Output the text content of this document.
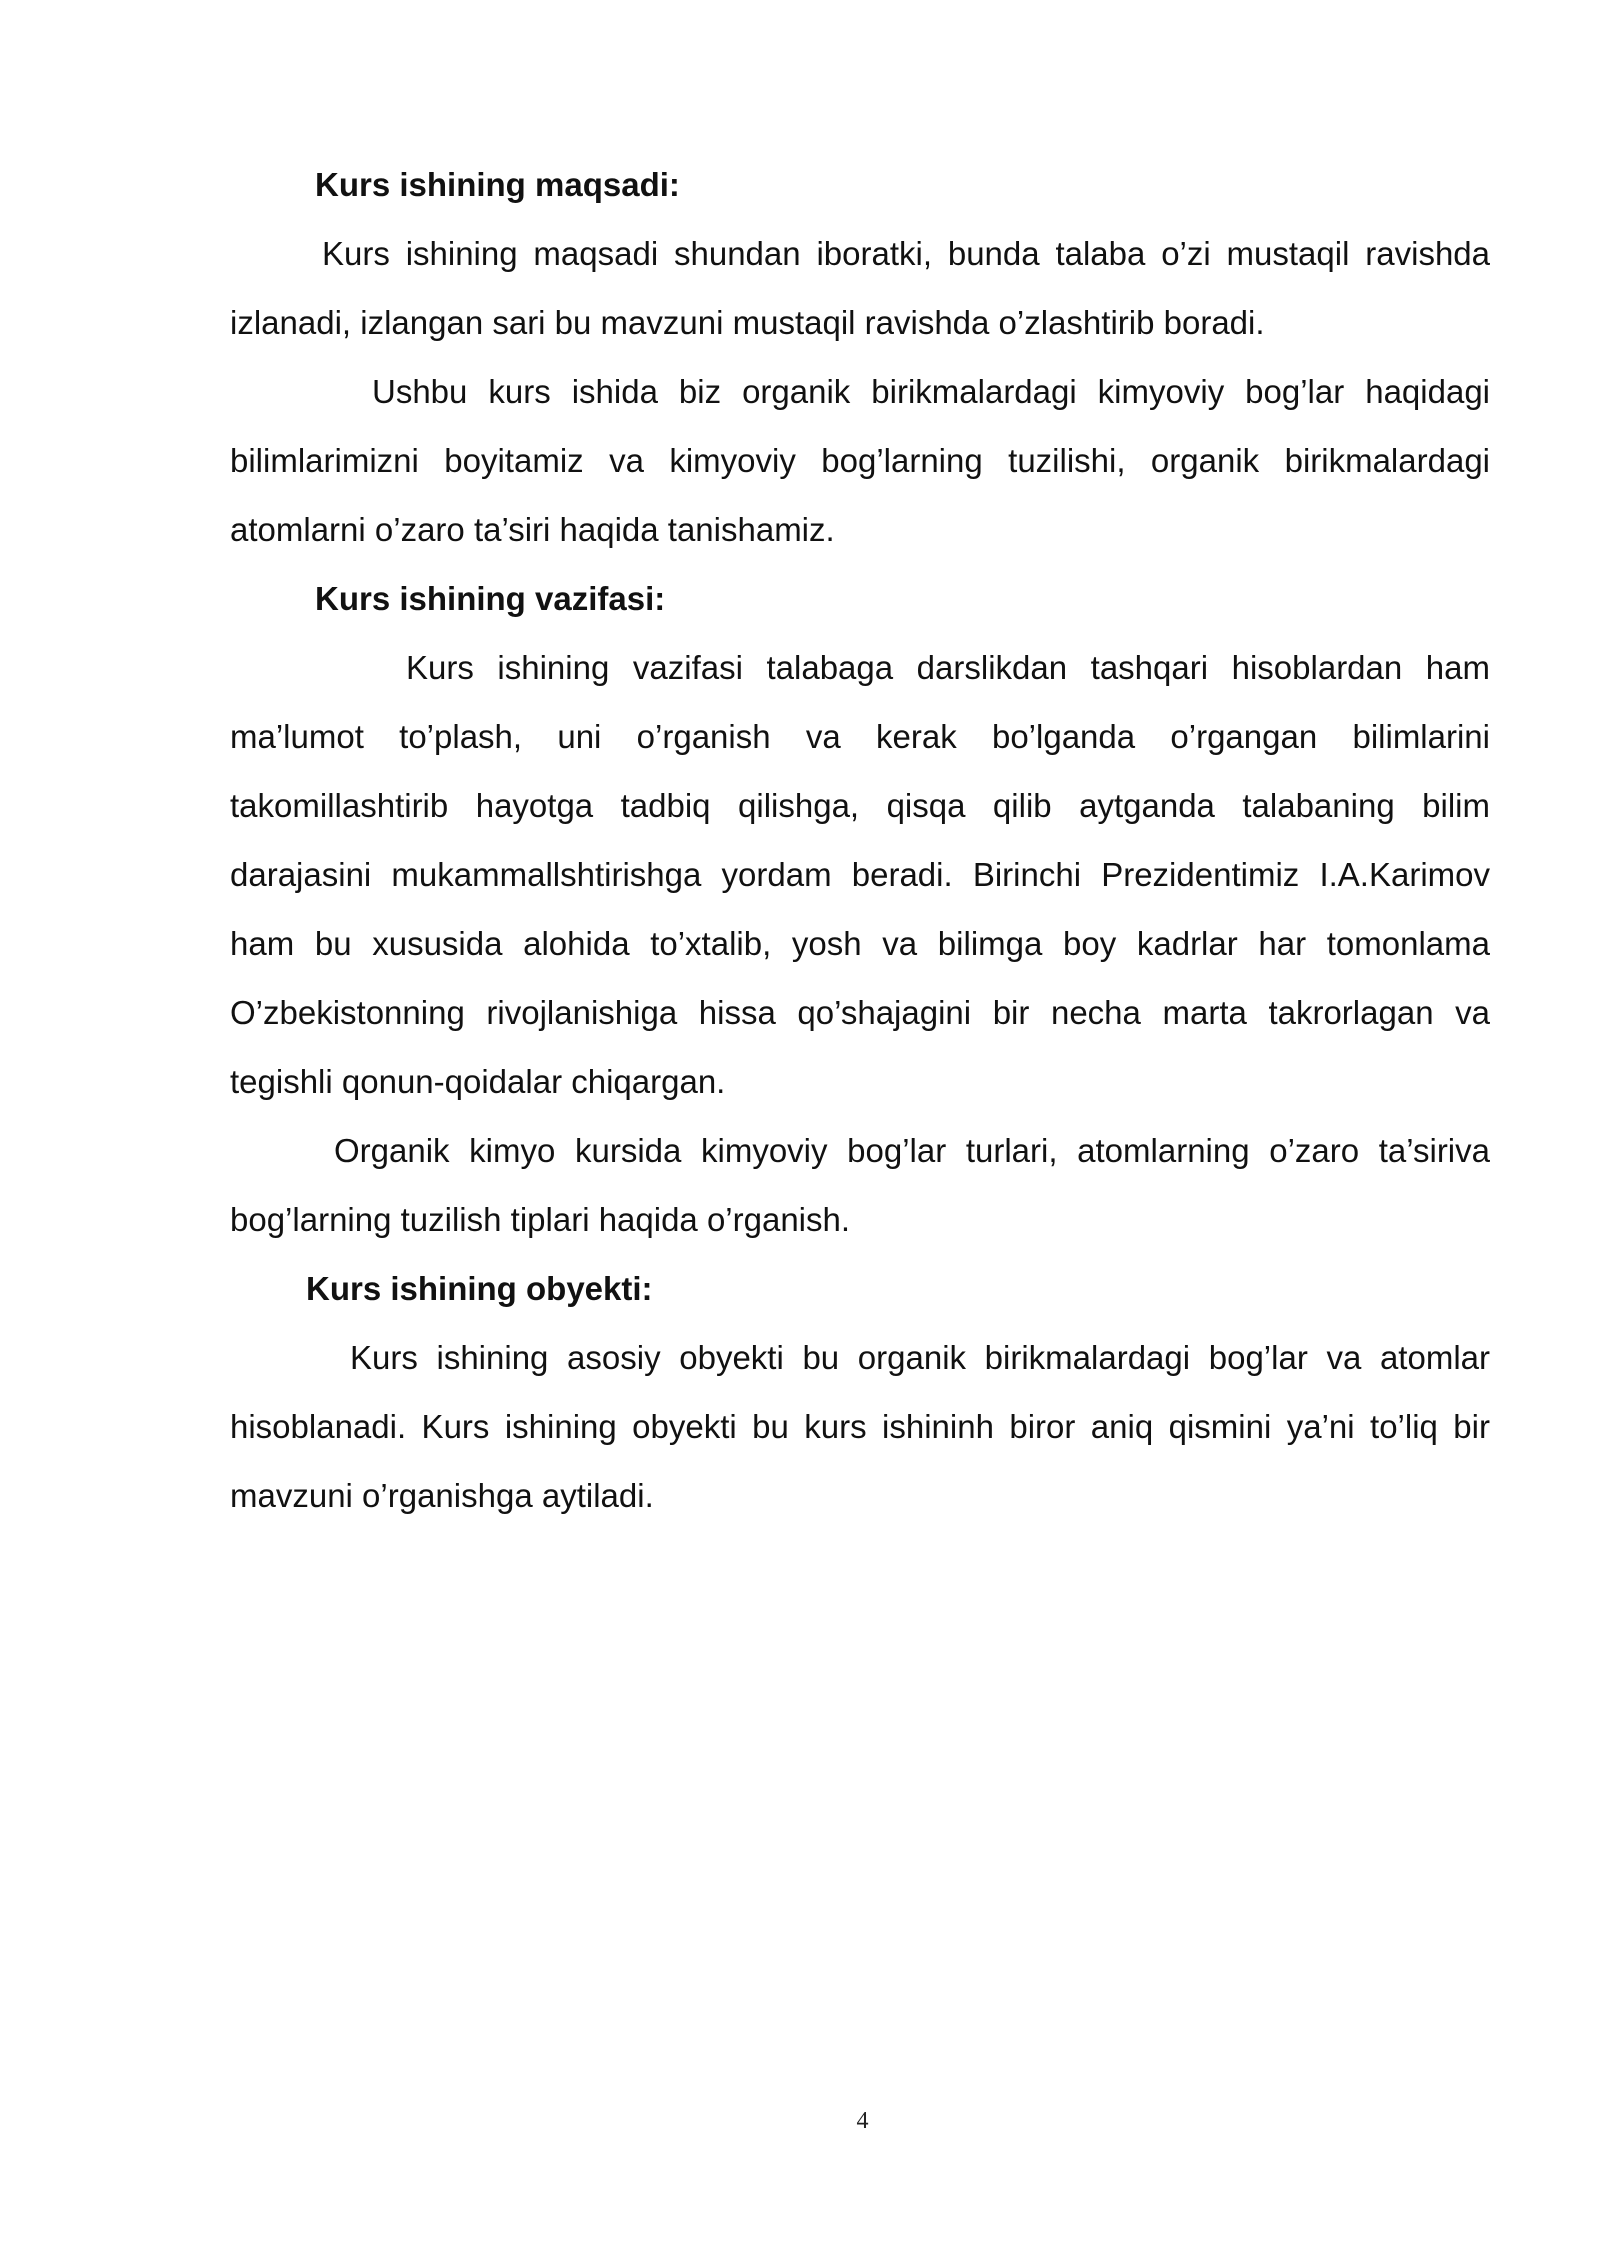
Kurs ishining maqsadi:

Kurs ishining maqsadi shundan iboratki, bunda talaba o’zi mustaqil ravishda izlanadi, izlangan sari bu mavzuni mustaqil ravishda o’zlashtirib boradi.

Ushbu kurs ishida biz organik birikmalardagi kimyoviy bog’lar haqidagi bilimlarimizni boyitamiz va kimyoviy bog’larning tuzilishi, organik birikmalardagi atomlarni o’zaro ta’siri haqida tanishamiz.

Kurs ishining vazifasi:

Kurs ishining vazifasi talabaga darslikdan tashqari hisoblardan ham ma’lumot to’plash, uni o’rganish va kerak bo’lganda o’rgangan bilimlarini takomillashtirib hayotga tadbiq qilishga, qisqa qilib aytganda talabaning bilim darajasini mukammallshtirishga yordam beradi. Birinchi Prezidentimiz I.A.Karimov ham bu xususida alohida to’xtalib, yosh va bilimga boy kadrlar har tomonlama O’zbekistonning rivojlanishiga hissa qo’shajagini bir necha marta takrorlagan va tegishli qonun-qoidalar chiqargan.

Organik kimyo kursida kimyoviy bog’lar turlari, atomlarning o’zaro ta’siriva bog’larning tuzilish tiplari haqida o’rganish.

Kurs ishining obyekti:

Kurs ishining asosiy obyekti bu organik birikmalardagi bog’lar va atomlar hisoblanadi. Kurs ishining obyekti bu kurs ishininh biror aniq qismini ya’ni to’liq bir mavzuni o’rganishga aytiladi.

4
